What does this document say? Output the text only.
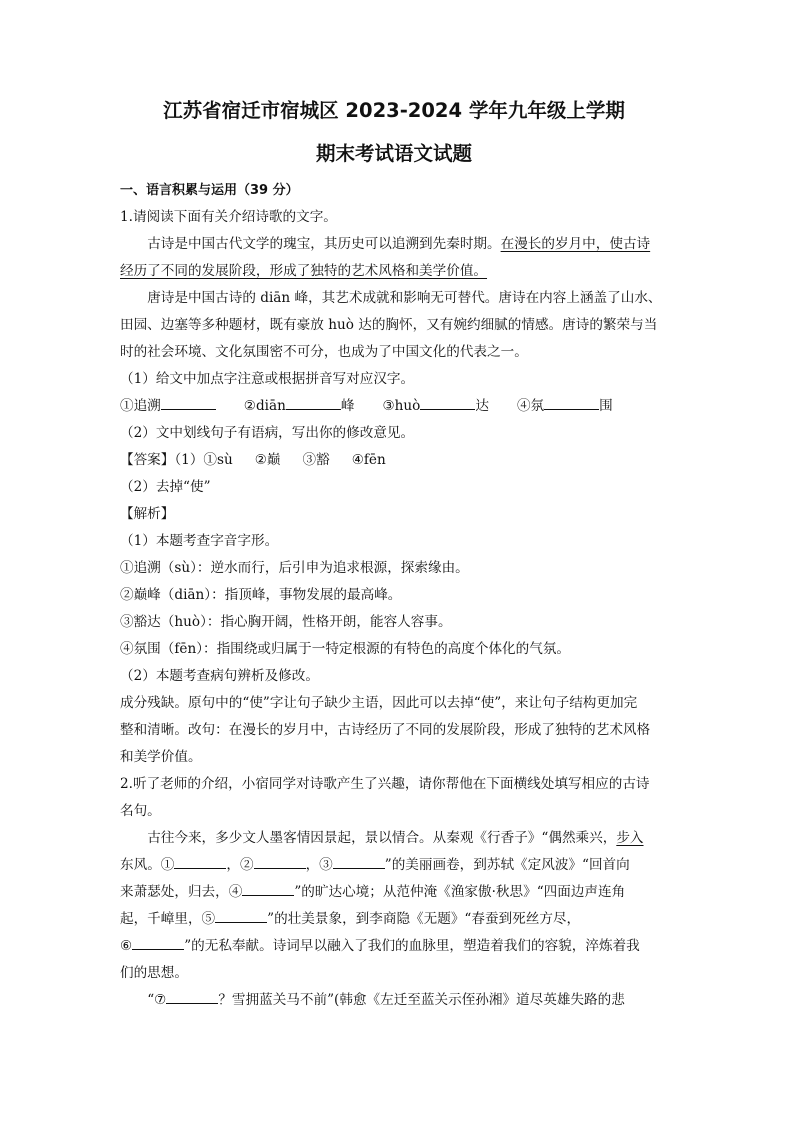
江苏省宿迁市宿城区 2023-2024 学年九年级上学期
期末考试语文试题

一、语言积累与运用（39 分）

1.请阅读下面有关介绍诗歌的文字。

古诗是中国古代文学的瑰宝，其历史可以追溯到先秦时期。在漫长的岁月中，使古诗

经历了不同的发展阶段，形成了独特的艺术风格和美学价值。

唐诗是中国古诗的 diān 峰，其艺术成就和影响无可替代。唐诗在内容上涵盖了山水、

田园、边塞等多种题材，既有豪放 huò 达的胸怀，又有婉约细腻的情感。唐诗的繁荣与当

时的社会环境、文化氛围密不可分，也成为了中国文化的代表之一。

（1）给文中加点字注意或根据拼音写对应汉字。

①追溯	②diān	峰 ③huò	达 ④氛	围

（2）文中划线句子有语病，写出你的修改意见。

【答案】（1）①sù ②巅 ③豁 ④fēn

（2）去掉“使”

【解析】

（1）本题考查字音字形。

①追溯（sù）：逆水而行，后引申为追求根源，探索缘由。

②巅峰（diān）：指顶峰，事物发展的最高峰。

③豁达（huò）：指心胸开阔，性格开朗，能容人容事。

④氛围（fēn）：指围绕或归属于一特定根源的有特色的高度个体化的气氛。

（2）本题考查病句辨析及修改。

成分残缺。原句中的“使”字让句子缺少主语，因此可以去掉“使”，来让句子结构更加完

整和清晰。改句：在漫长的岁月中，古诗经历了不同的发展阶段，形成了独特的艺术风格

和美学价值。

2.听了老师的介绍，小宿同学对诗歌产生了兴趣，请你帮他在下面横线处填写相应的古诗

名句。

古往今来，多少文人墨客情因景起，景以情合。从秦观《行香子》“偶然乘兴，步入

东风。①	，②	，③	”的美丽画卷，到苏轼《定风波》“回首向

来萧瑟处，归去，④	”的旷达心境；从范仲淹《渔家傲·秋思》“四面边声连角

起，千嶂里，⑤	”的壮美景象，到李商隐《无题》“春蚕到死丝方尽，

⑥	”的无私奉献。诗词早以融入了我们的血脉里，塑造着我们的容貌，淬炼着我

们的思想。

“⑦	？雪拥蓝关马不前”(韩愈《左迁至蓝关示侄孙湘》道尽英雄失路的悲
